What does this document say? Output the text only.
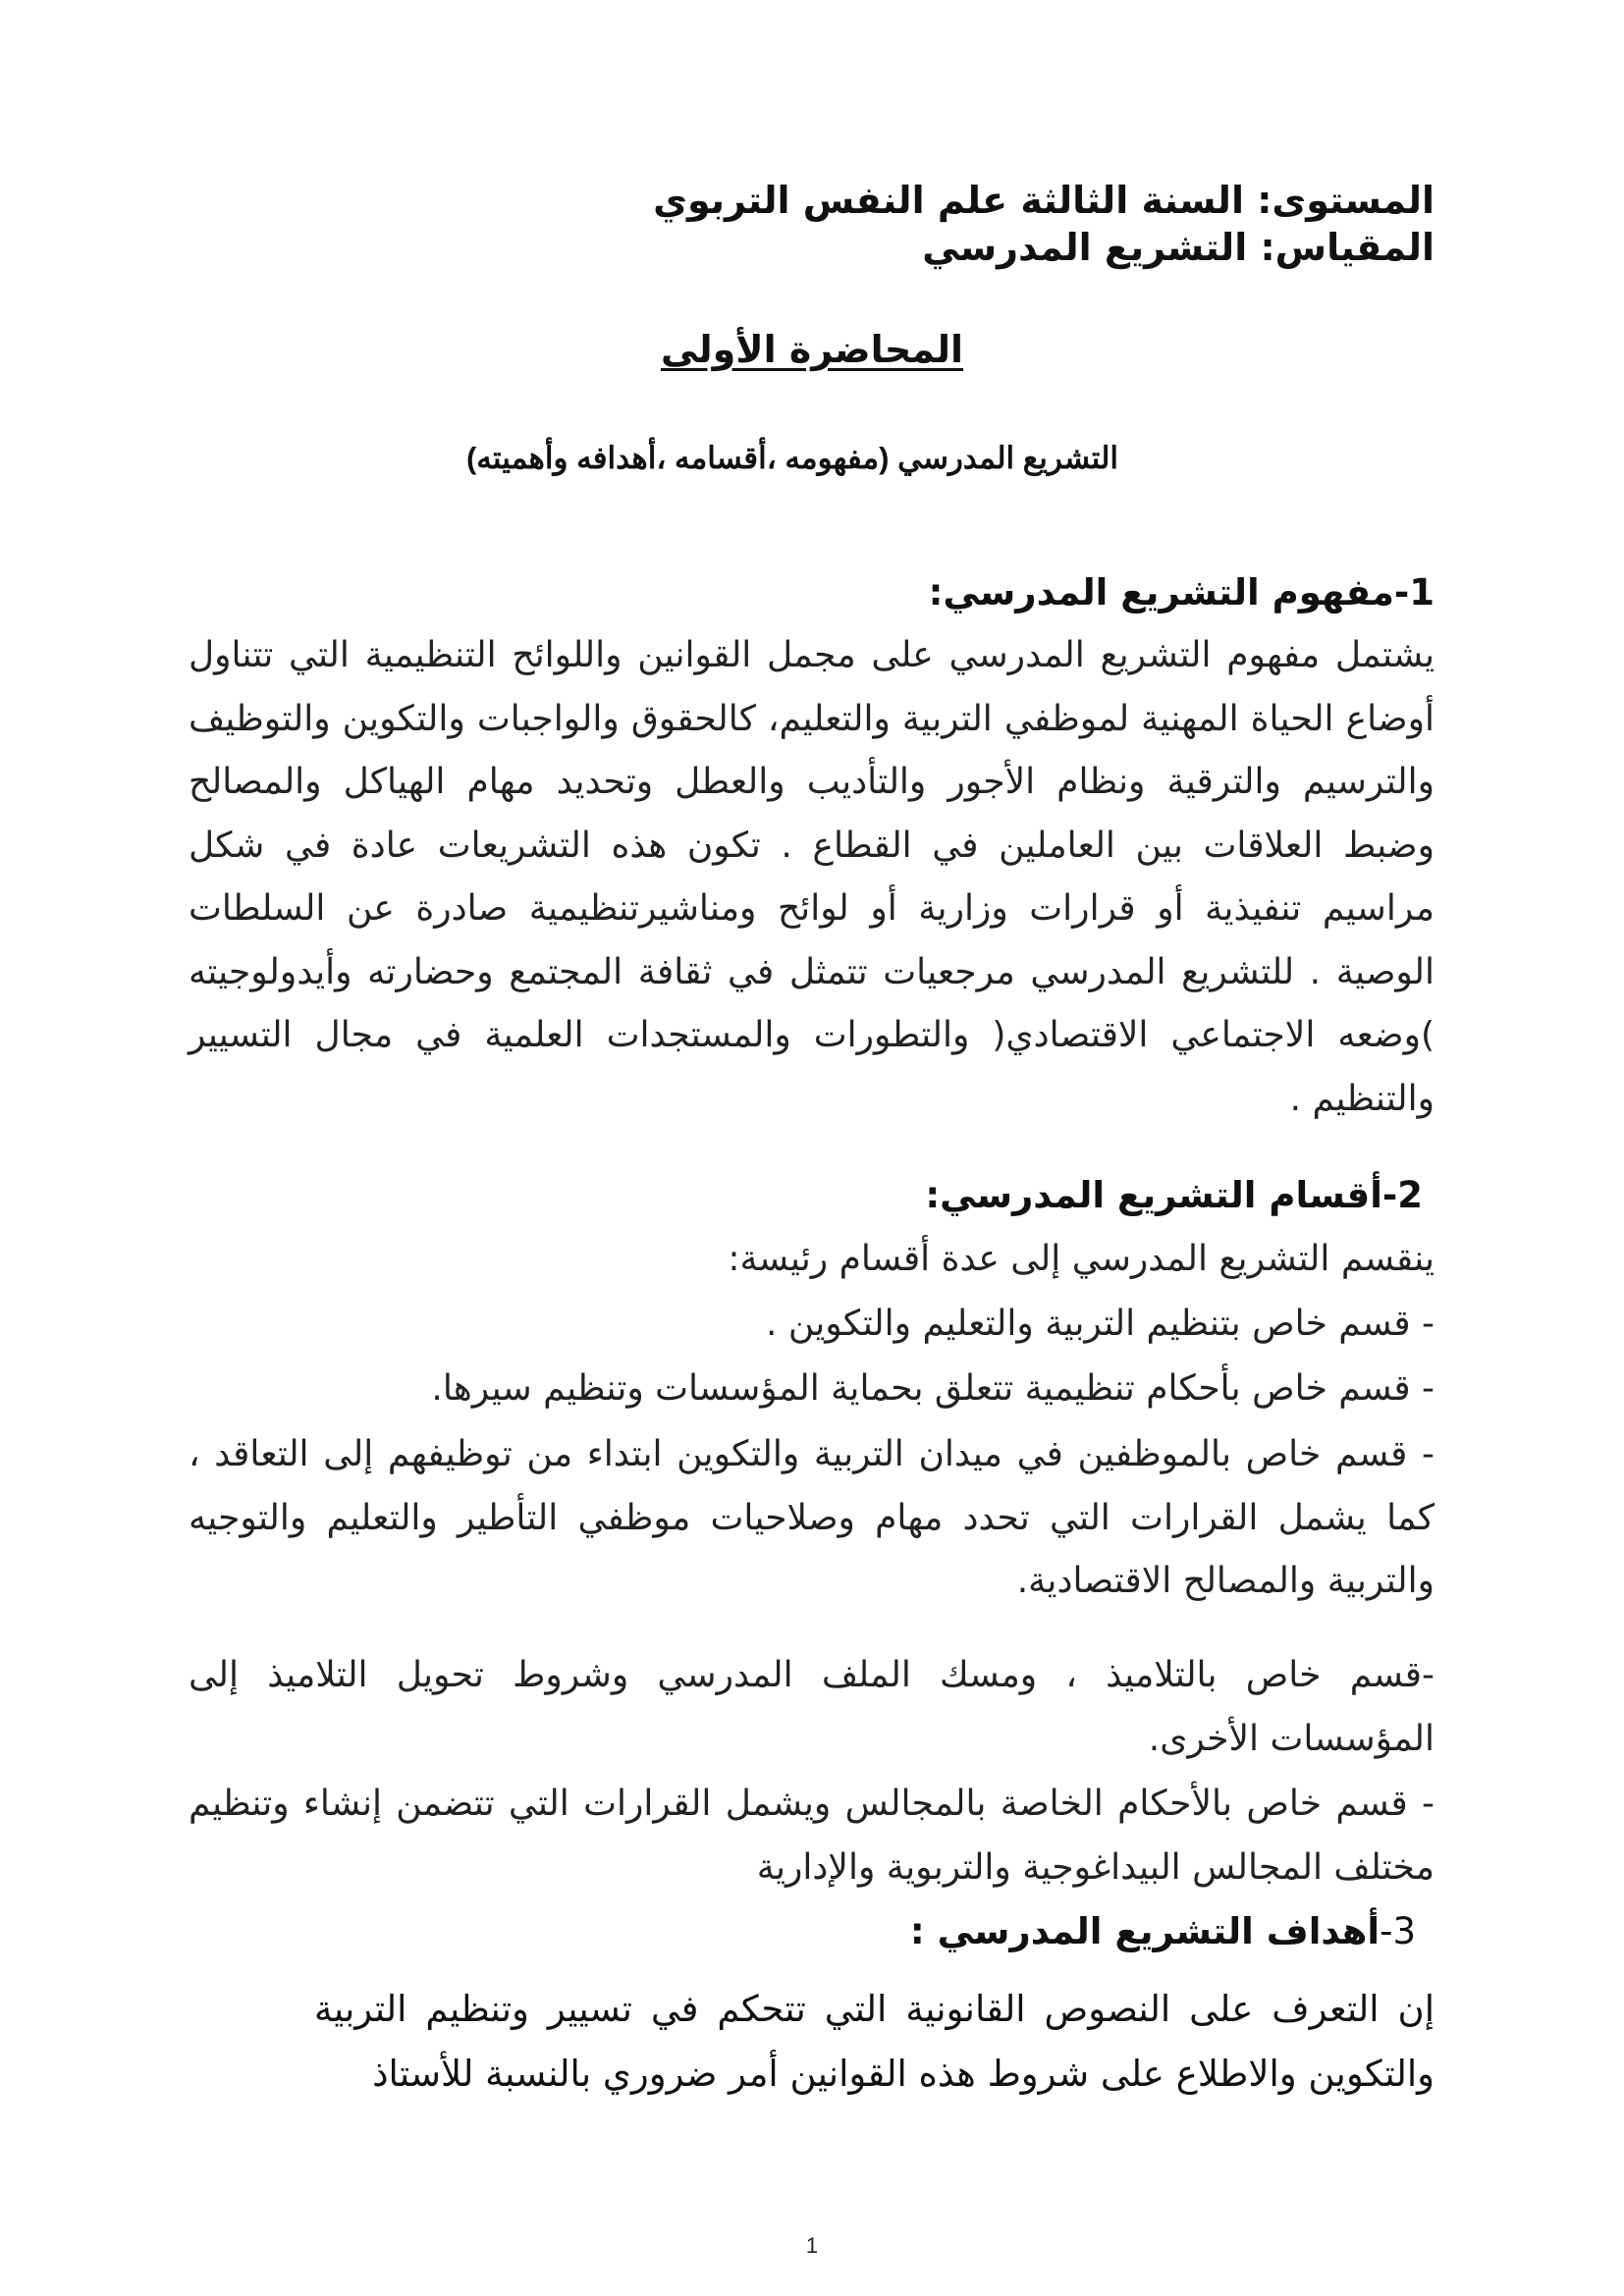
المستوى: السنة الثالثة علم النفس التربوي
المقياس: التشريع المدرسي
المحاضرة الأولى
التشريع المدرسي (مفهومه ،أقسامه ،أهدافه وأهميته)
1-مفهوم التشريع المدرسي:
يشتمل مفهوم التشريع المدرسي على مجمل القوانين واللوائح التنظيمية التي تتناول أوضاع الحياة المهنية لموظفي التربية والتعليم، كالحقوق والواجبات والتكوين والتوظيف والترسيم والترقية ونظام الأجور والتأديب والعطل وتحديد مهام الهياكل والمصالح وضبط العلاقات بين العاملين في القطاع . تكون هذه التشريعات عادة في شكل مراسيم تنفيذية أو قرارات وزارية أو لوائح ومناشيرتنظيمية صادرة عن السلطات الوصية . للتشريع المدرسي مرجعيات تتمثل في ثقافة المجتمع وحضارته وأيدولوجيته )وضعه الاجتماعي الاقتصادي( والتطورات والمستجدات العلمية في مجال التسيير والتنظيم .
2-أقسام التشريع المدرسي:
ينقسم التشريع المدرسي إلى عدة أقسام رئيسة:
- قسم خاص بتنظيم التربية والتعليم والتكوين .
- قسم خاص بأحكام تنظيمية تتعلق بحماية المؤسسات وتنظيم سيرها.
- قسم خاص بالموظفين في ميدان التربية والتكوين ابتداء من توظيفهم إلى التعاقد ، كما يشمل القرارات التي تحدد مهام وصلاحيات موظفي التأطير والتعليم والتوجيه والتربية والمصالح الاقتصادية.
-قسم خاص بالتلاميذ ، ومسك الملف المدرسي وشروط تحويل التلاميذ إلى المؤسسات الأخرى.
- قسم خاص بالأحكام الخاصة بالمجالس ويشمل القرارات التي تتضمن إنشاء وتنظيم مختلف المجالس البيداغوجية والتربوية والإدارية
3-أهداف التشريع المدرسي :
إن التعرف على النصوص القانونية التي تتحكم في تسيير وتنظيم التربية والتكوين والاطلاع على شروط هذه القوانين أمر ضروري بالنسبة للأستاذ
1
